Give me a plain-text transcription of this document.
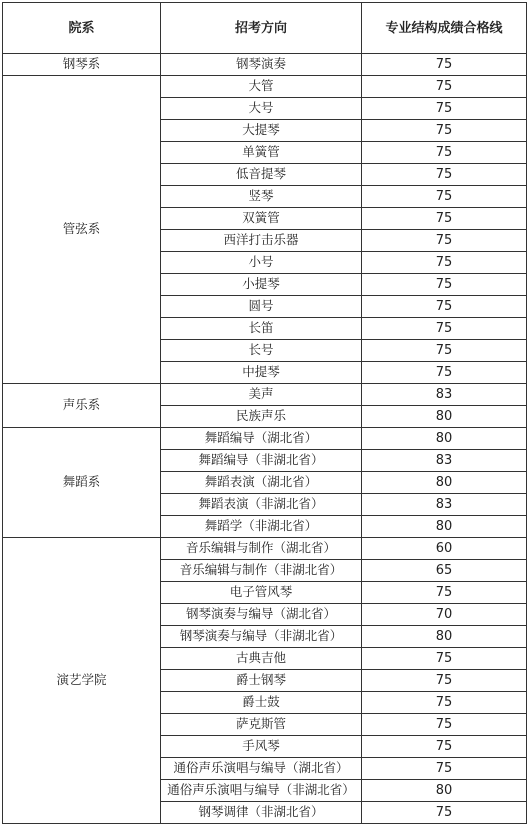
院系	招考方向	专业结构成绩合格线
钢琴系	钢琴演奏	75
管弦系	大管	75
	大号	75
	大提琴	75
	单簧管	75
	低音提琴	75
	竖琴	75
	双簧管	75
	西洋打击乐器	75
	小号	75
	小提琴	75
	圆号	75
	长笛	75
	长号	75
	中提琴	75
声乐系	美声	83
	民族声乐	80
舞蹈系	舞蹈编导（湖北省）	80
	舞蹈编导（非湖北省）	83
	舞蹈表演（湖北省）	80
	舞蹈表演（非湖北省）	83
	舞蹈学（非湖北省）	80
演艺学院	音乐编辑与制作（湖北省）	60
	音乐编辑与制作（非湖北省）	65
	电子管风琴	75
	钢琴演奏与编导（湖北省）	70
	钢琴演奏与编导（非湖北省）	80
	古典吉他	75
	爵士钢琴	75
	爵士鼓	75
	萨克斯管	75
	手风琴	75
	通俗声乐演唱与编导（湖北省）	75
	通俗声乐演唱与编导（非湖北省）	80
	钢琴调律（非湖北省）	75
